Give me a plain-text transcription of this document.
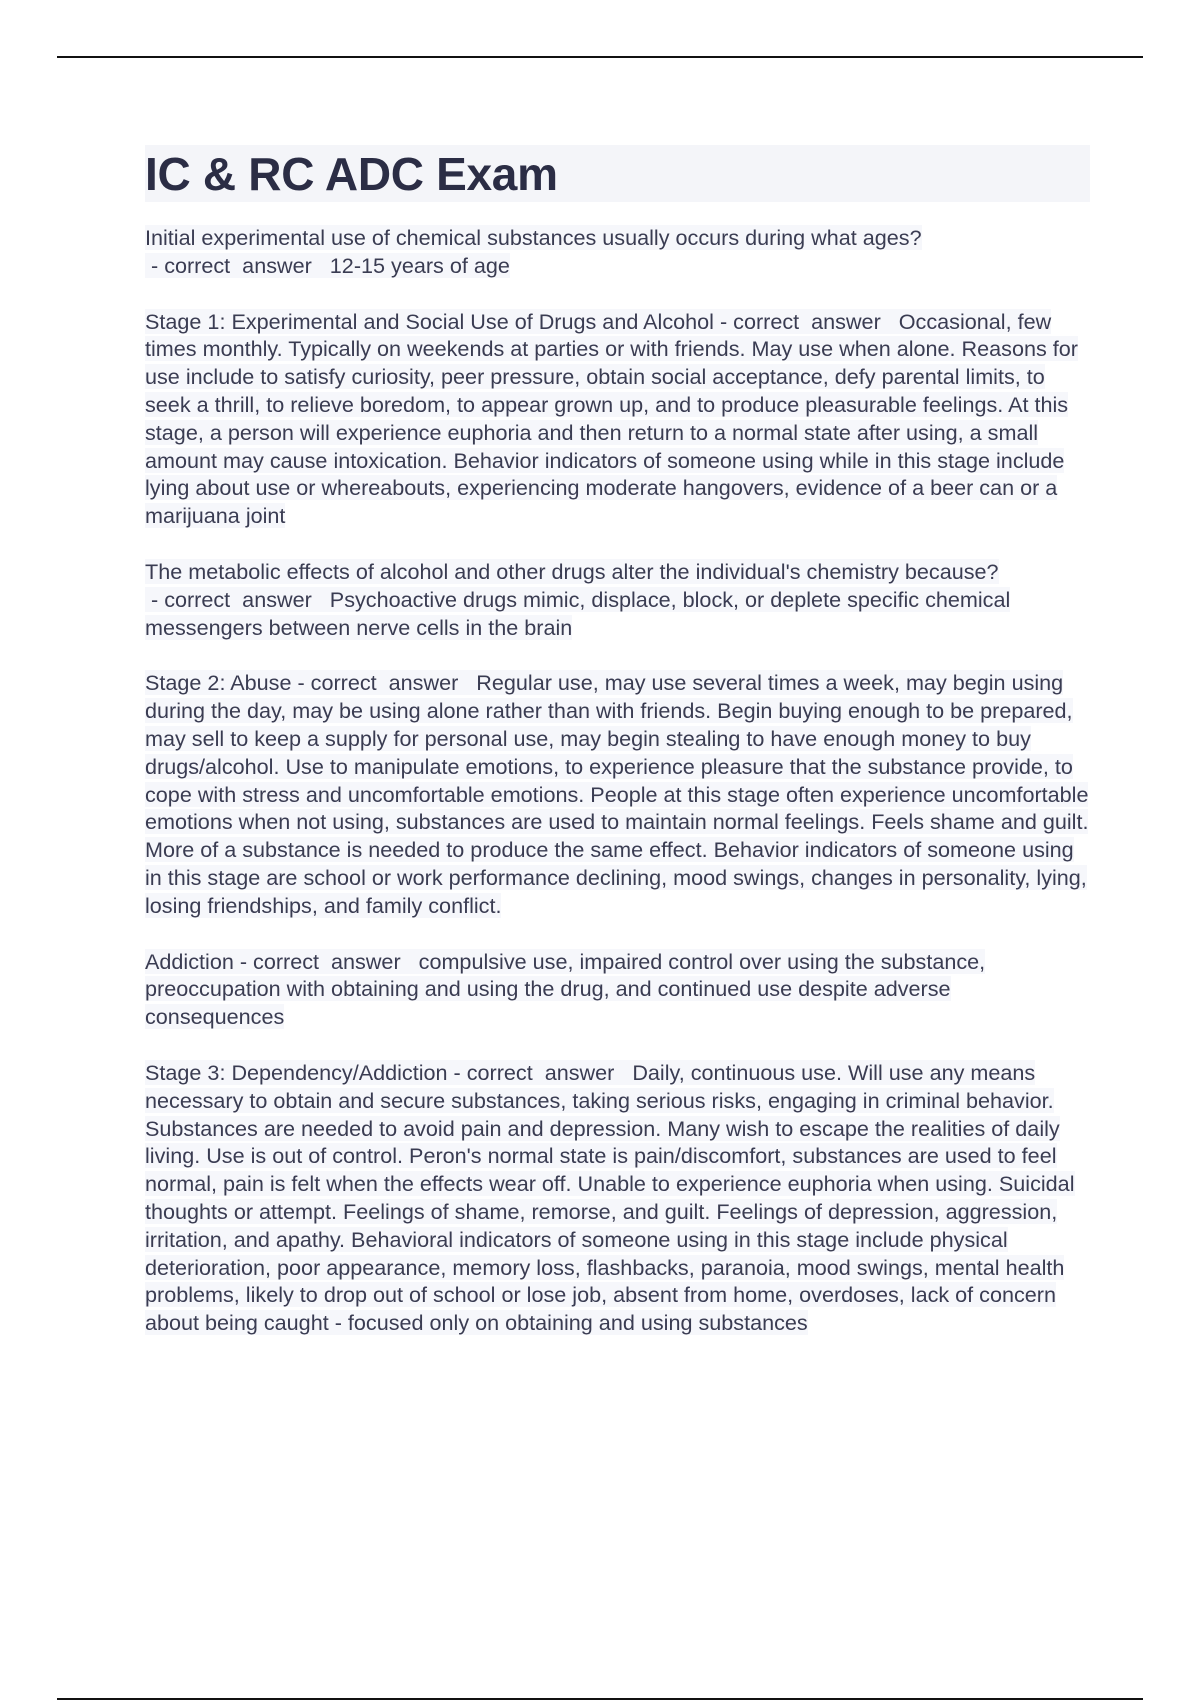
IC & RC ADC Exam

Initial experimental use of chemical substances usually occurs during what ages? - correct  answer   12-15 years of age

Stage 1: Experimental and Social Use of Drugs and Alcohol - correct  answer   Occasional, few times monthly. Typically on weekends at parties or with friends. May use when alone. Reasons for use include to satisfy curiosity, peer pressure, obtain social acceptance, defy parental limits, to seek a thrill, to relieve boredom, to appear grown up, and to produce pleasurable feelings. At this stage, a person will experience euphoria and then return to a normal state after using, a small amount may cause intoxication. Behavior indicators of someone using while in this stage include lying about use or whereabouts, experiencing moderate hangovers, evidence of a beer can or a marijuana joint

The metabolic effects of alcohol and other drugs alter the individual's chemistry because? - correct  answer   Psychoactive drugs mimic, displace, block, or deplete specific chemical messengers between nerve cells in the brain

Stage 2: Abuse - correct  answer   Regular use, may use several times a week, may begin using during the day, may be using alone rather than with friends. Begin buying enough to be prepared, may sell to keep a supply for personal use, may begin stealing to have enough money to buy drugs/alcohol. Use to manipulate emotions, to experience pleasure that the substance provide, to cope with stress and uncomfortable emotions. People at this stage often experience uncomfortable emotions when not using, substances are used to maintain normal feelings. Feels shame and guilt. More of a substance is needed to produce the same effect. Behavior indicators of someone using in this stage are school or work performance declining, mood swings, changes in personality, lying, losing friendships, and family conflict.

Addiction - correct  answer   compulsive use, impaired control over using the substance, preoccupation with obtaining and using the drug, and continued use despite adverse consequences

Stage 3: Dependency/Addiction - correct  answer   Daily, continuous use. Will use any means necessary to obtain and secure substances, taking serious risks, engaging in criminal behavior. Substances are needed to avoid pain and depression. Many wish to escape the realities of daily living. Use is out of control. Peron's normal state is pain/discomfort, substances are used to feel normal, pain is felt when the effects wear off. Unable to experience euphoria when using. Suicidal thoughts or attempt. Feelings of shame, remorse, and guilt. Feelings of depression, aggression, irritation, and apathy. Behavioral indicators of someone using in this stage include physical deterioration, poor appearance, memory loss, flashbacks, paranoia, mood swings, mental health problems, likely to drop out of school or lose job, absent from home, overdoses, lack of concern about being caught - focused only on obtaining and using substances
